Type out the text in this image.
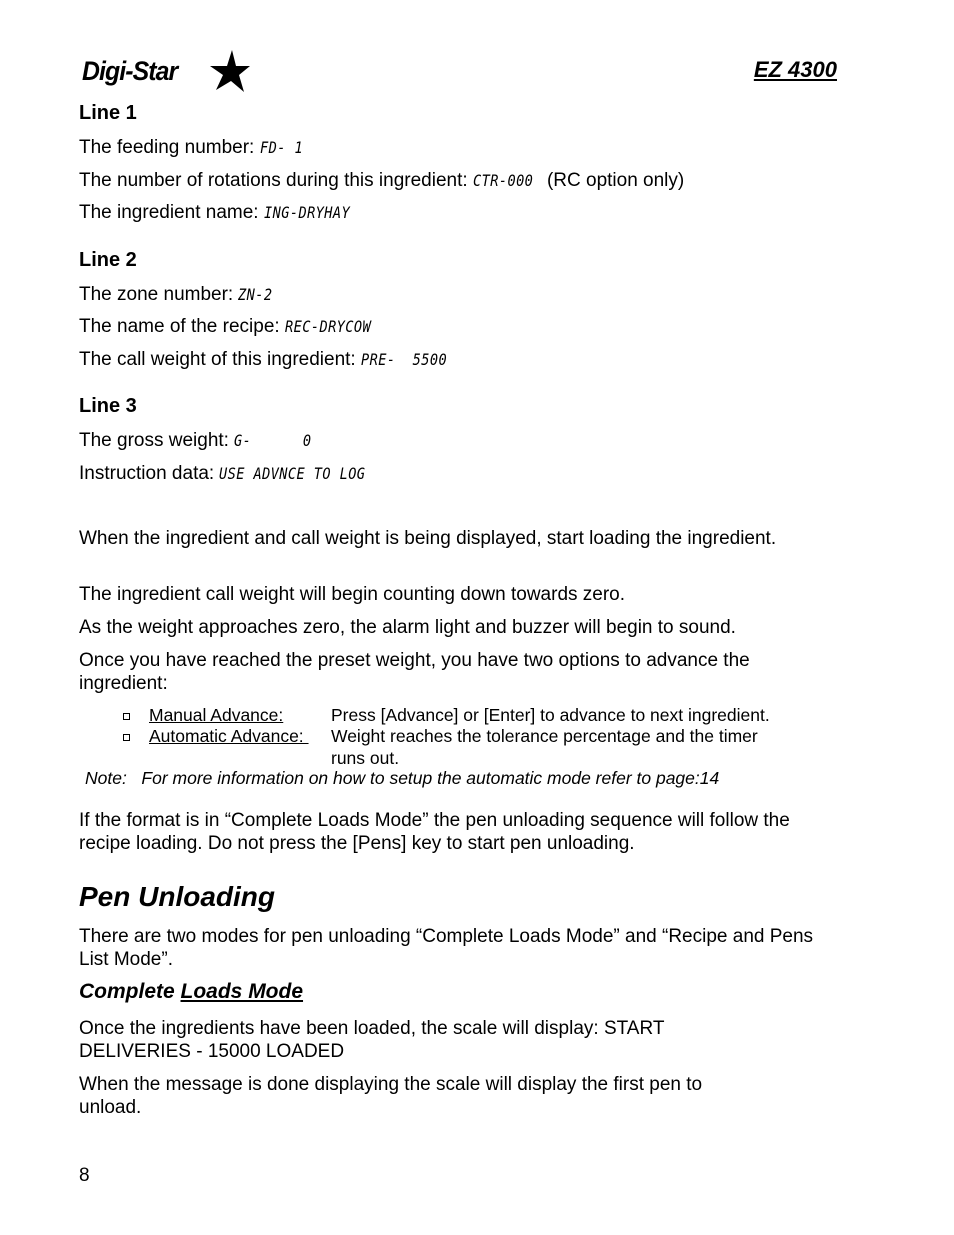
Digi-Star	EZ 4300
Line 1
The feeding number: FD- 1
The number of rotations during this ingredient: CTR-000 (RC option only)
The ingredient name: ING-DRYHAY
Line 2
The zone number: ZN-2
The name of the recipe: REC-DRYCOW
The call weight of this ingredient: PRE-  5500
Line 3
The gross weight: G-      0
Instruction data: USE ADVNCE TO LOG
When the ingredient and call weight is being displayed, start loading the ingredient.
The ingredient call weight will begin counting down towards zero.
As the weight approaches zero, the alarm light and buzzer will begin to sound.
Once you have reached the preset weight, you have two options to advance the ingredient:
Manual Advance:	Press [Advance] or [Enter] to advance to next ingredient.
Automatic Advance: Weight reaches the tolerance percentage and the timer
runs out.
Note:   For more information on how to setup the automatic mode refer to page:14
If the format is in “Complete Loads Mode” the pen unloading sequence will follow the recipe loading. Do not press the [Pens] key to start pen unloading.
Pen Unloading
There are two modes for pen unloading “Complete Loads Mode” and “Recipe and Pens List Mode”.
Complete Loads Mode
Once the ingredients have been loaded, the scale will display: START DELIVERIES - 15000 LOADED
When the message is done displaying the scale will display the first pen to unload.
8
